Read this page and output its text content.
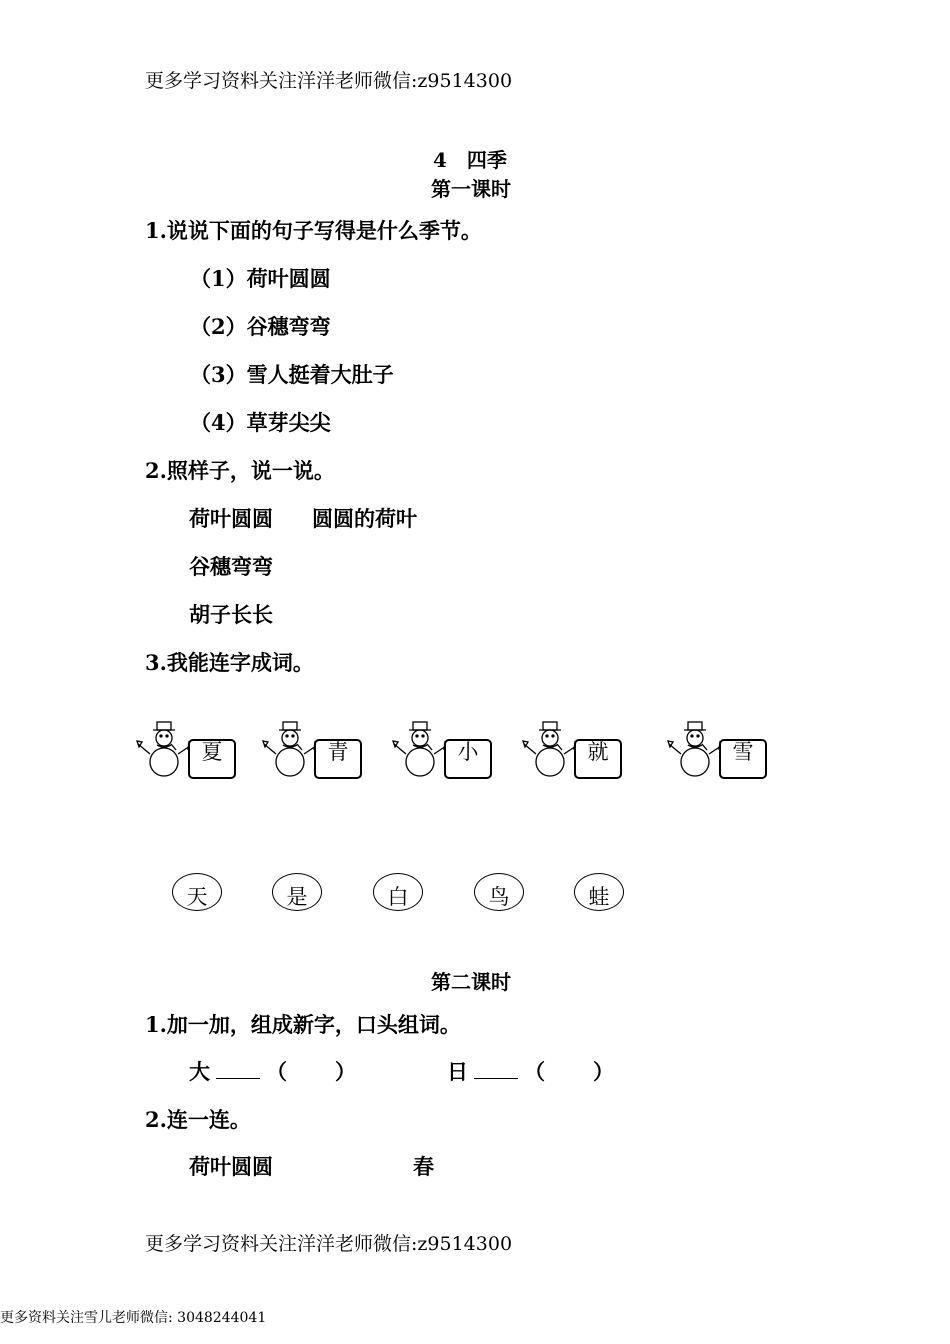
更多学习资料关注洋洋老师微信:z9514300
4　四季
第一课时
1.说说下面的句子写得是什么季节。
（1）荷叶圆圆
（2）谷穗弯弯
（3）雪人挺着大肚子
（4）草芽尖尖
2.照样子，说一说。
荷叶圆圆 圆圆的荷叶
谷穗弯弯
胡子长长
3.我能连字成词。
夏	青	小	就	雪
天	是	白	鸟	蛙
第二课时
1.加一加，组成新字，口头组词。
大	（ ）	日	（ ）
2.连一连。
荷叶圆圆	春
更多学习资料关注洋洋老师微信:z9514300
更多资料关注雪儿老师微信: 3048244041
